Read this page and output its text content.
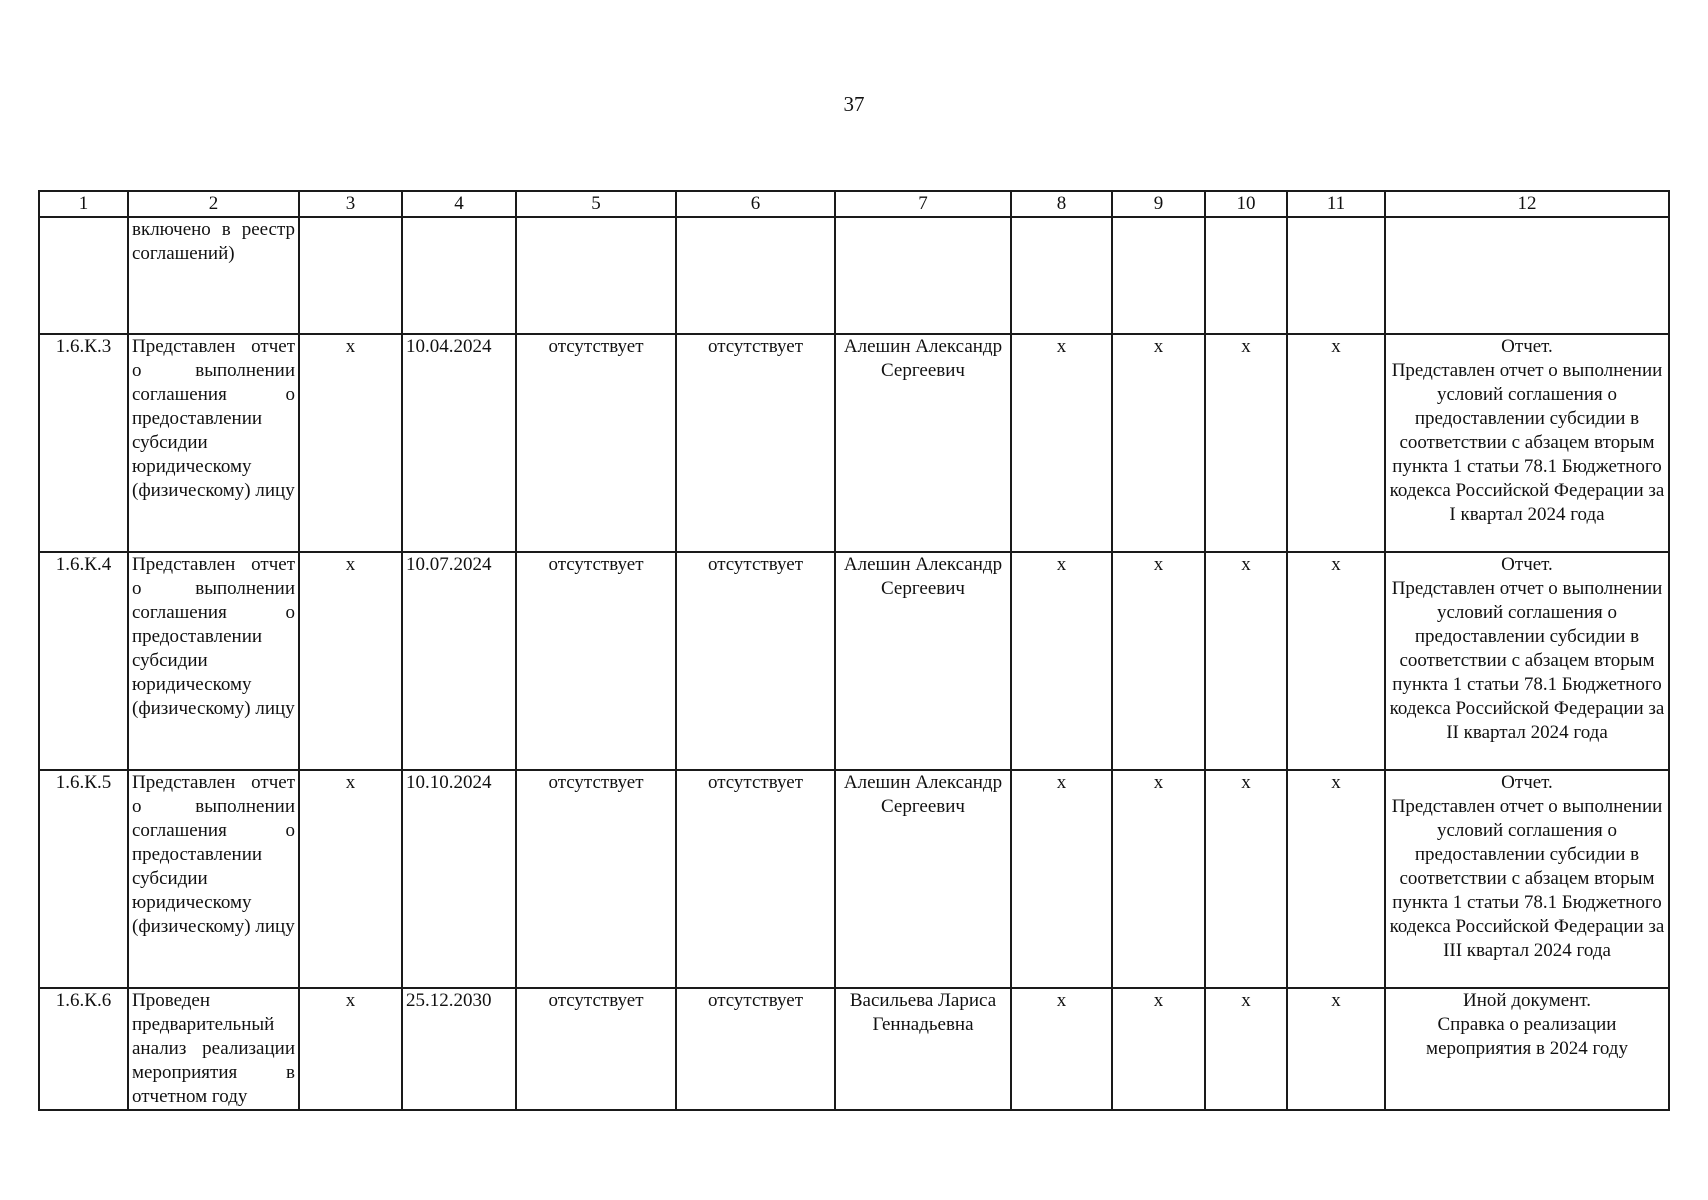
37
1	2	3	4	5	6	7	8	9	10	11	12
	включено в реестр соглашений)										
1.6.К.3	Представлен отчет о выполнении соглашения о предоставлении субсидии юридическому (физическому) лицу	х	10.04.2024	отсутствует	отсутствует	Алешин Александр Сергеевич	х	х	х	х	Отчет.
Представлен отчет о выполнении условий соглашения о предоставлении субсидии в соответствии с абзацем вторым пункта 1 статьи 78.1 Бюджетного кодекса Российской Федерации за I квартал 2024 года

1.6.К.4	Представлен отчет о выполнении соглашения о предоставлении субсидии юридическому (физическому) лицу	х	10.07.2024	отсутствует	отсутствует	Алешин Александр Сергеевич	х	х	х	х	Отчет.
Представлен отчет о выполнении условий соглашения о предоставлении субсидии в соответствии с абзацем вторым пункта 1 статьи 78.1 Бюджетного кодекса Российской Федерации за II квартал 2024 года

1.6.К.5	Представлен отчет о выполнении соглашения о предоставлении субсидии юридическому (физическому) лицу	х	10.10.2024	отсутствует	отсутствует	Алешин Александр Сергеевич	х	х	х	х	Отчет.
Представлен отчет о выполнении условий соглашения о предоставлении субсидии в соответствии с абзацем вторым пункта 1 статьи 78.1 Бюджетного кодекса Российской Федерации за III квартал 2024 года

1.6.К.6	Проведен предварительный анализ реализации мероприятия в отчетном году	х	25.12.2030	отсутствует	отсутствует	Васильева Лариса Геннадьевна	х	х	х	х	Иной документ.
Справка о реализации мероприятия в 2024 году
